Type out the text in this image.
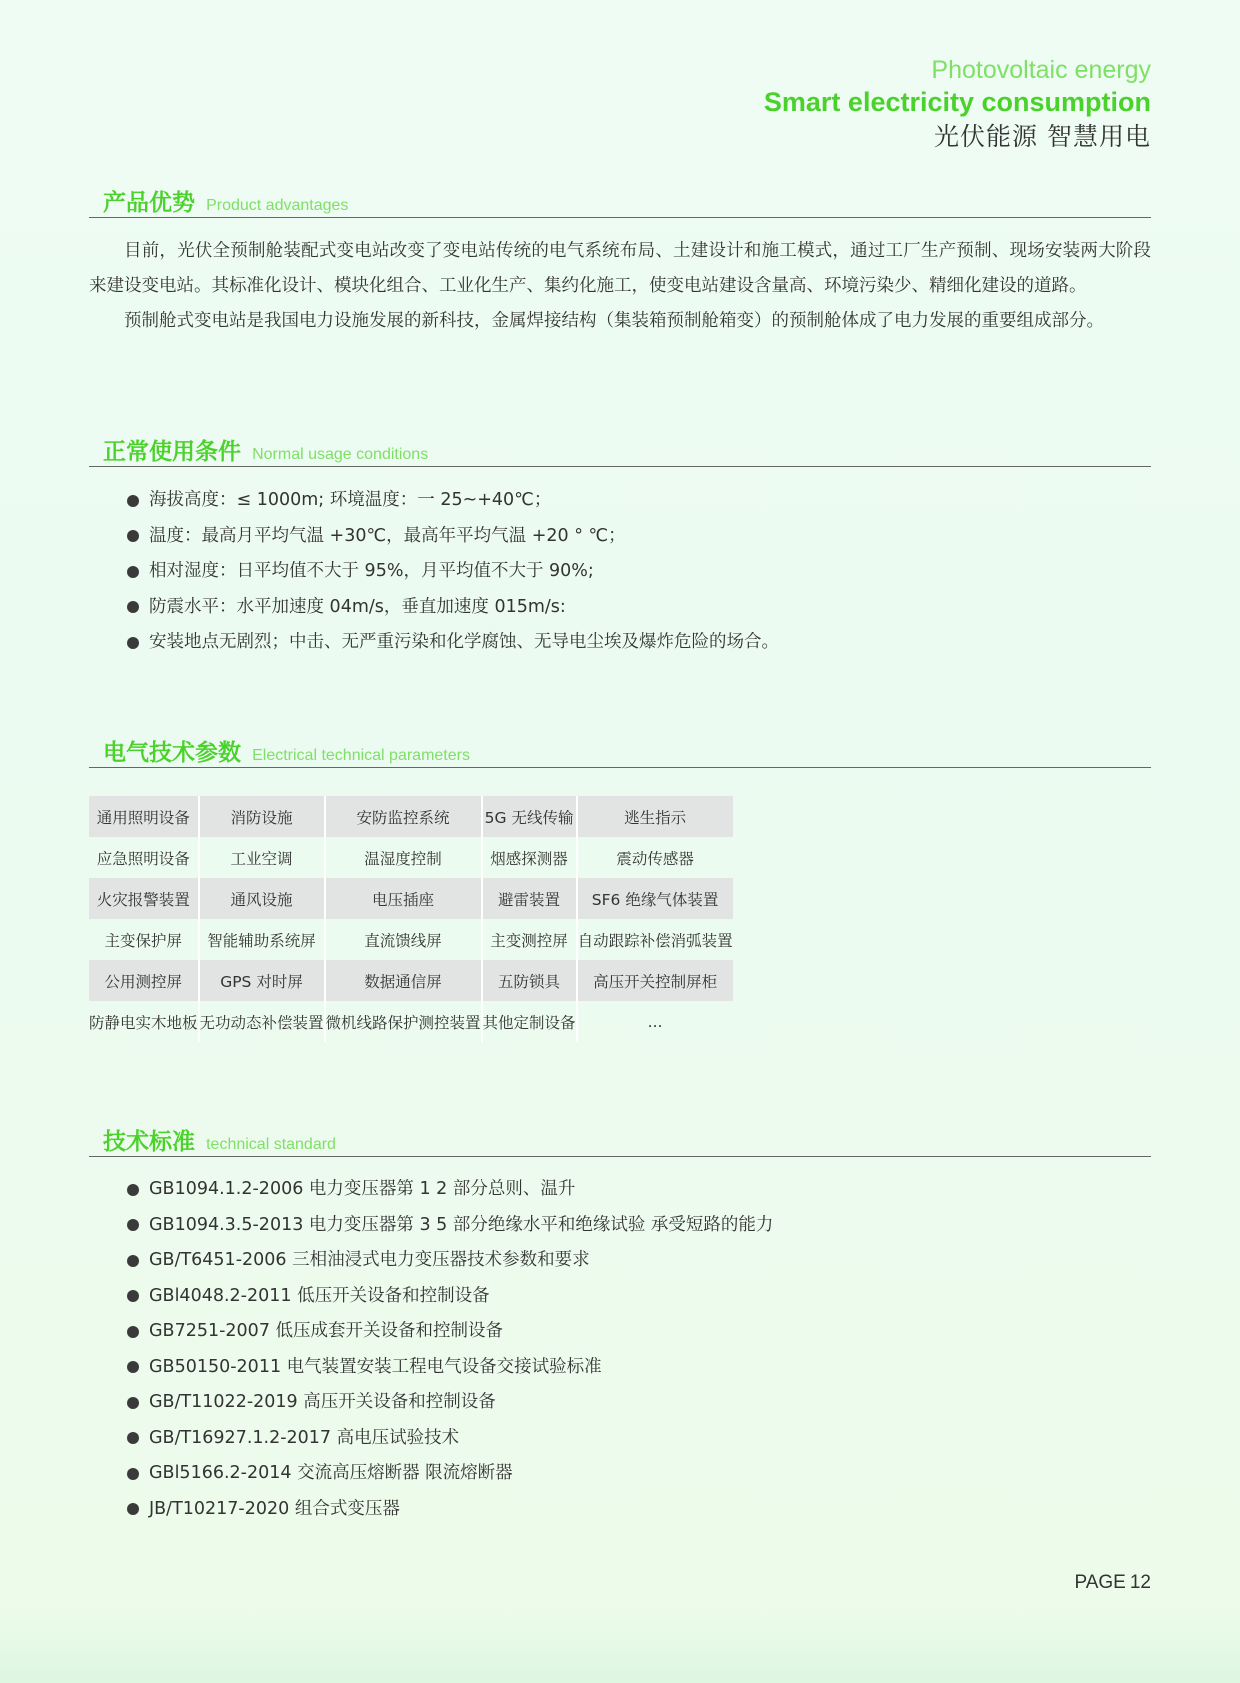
Photovoltaic energy
Smart electricity consumption
光伏能源 智慧用电
产品优势 Product advantages

目前，光伏全预制舱装配式变电站改变了变电站传统的电气系统布局、土建设计和施工模式，通过工厂生产预制、现场安装两大阶段来建设变电站。其标准化设计、模块化组合、工业化生产、集约化施工，使变电站建设含量高、环境污染少、精细化建设的道路。

预制舱式变电站是我国电力设施发展的新科技，金属焊接结构（集装箱预制舱箱变）的预制舱体成了电力发展的重要组成部分。

正常使用条件 Normal usage conditions
海拔高度：≤ 1000m; 环境温度：一 25~+40℃；
温度：最高月平均气温 +30℃，最高年平均气温 +20 ° ℃；
相对湿度：日平均值不大于 95%，月平均值不大于 90%;
防震水平：水平加速度 04m/s，垂直加速度 015m/s:
安装地点无剧烈；中击、无严重污染和化学腐蚀、无导电尘埃及爆炸危险的场合。
电气技术参数 Electrical technical parameters
通用照明设备	消防设施	安防监控系统	5G 无线传输	逃生指示
应急照明设备	工业空调	温湿度控制	烟感探测器	震动传感器
火灾报警装置	通风设施	电压插座	避雷装置	SF6 绝缘气体装置
主变保护屏	智能辅助系统屏	直流馈线屏	主变测控屏	自动跟踪补偿消弧装置
公用测控屏	GPS 对时屏	数据通信屏	五防锁具	高压开关控制屏柜
防静电实木地板	无功动态补偿装置	微机线路保护测控装置	其他定制设备	...
技术标准 technical standard
GB1094.1.2-2006 电力变压器第 1 2 部分总则、温升
GB1094.3.5-2013 电力变压器第 3 5 部分绝缘水平和绝缘试验 承受短路的能力
GB/T6451-2006 三相油浸式电力变压器技术参数和要求
GBl4048.2-2011 低压开关设备和控制设备
GB7251-2007 低压成套开关设备和控制设备
GB50150-2011 电气装置安装工程电气设备交接试验标准
GB/T11022-2019 高压开关设备和控制设备
GB/T16927.1.2-2017 高电压试验技术
GBl5166.2-2014 交流高压熔断器 限流熔断器
JB/T10217-2020 组合式变压器
PAGE 12
